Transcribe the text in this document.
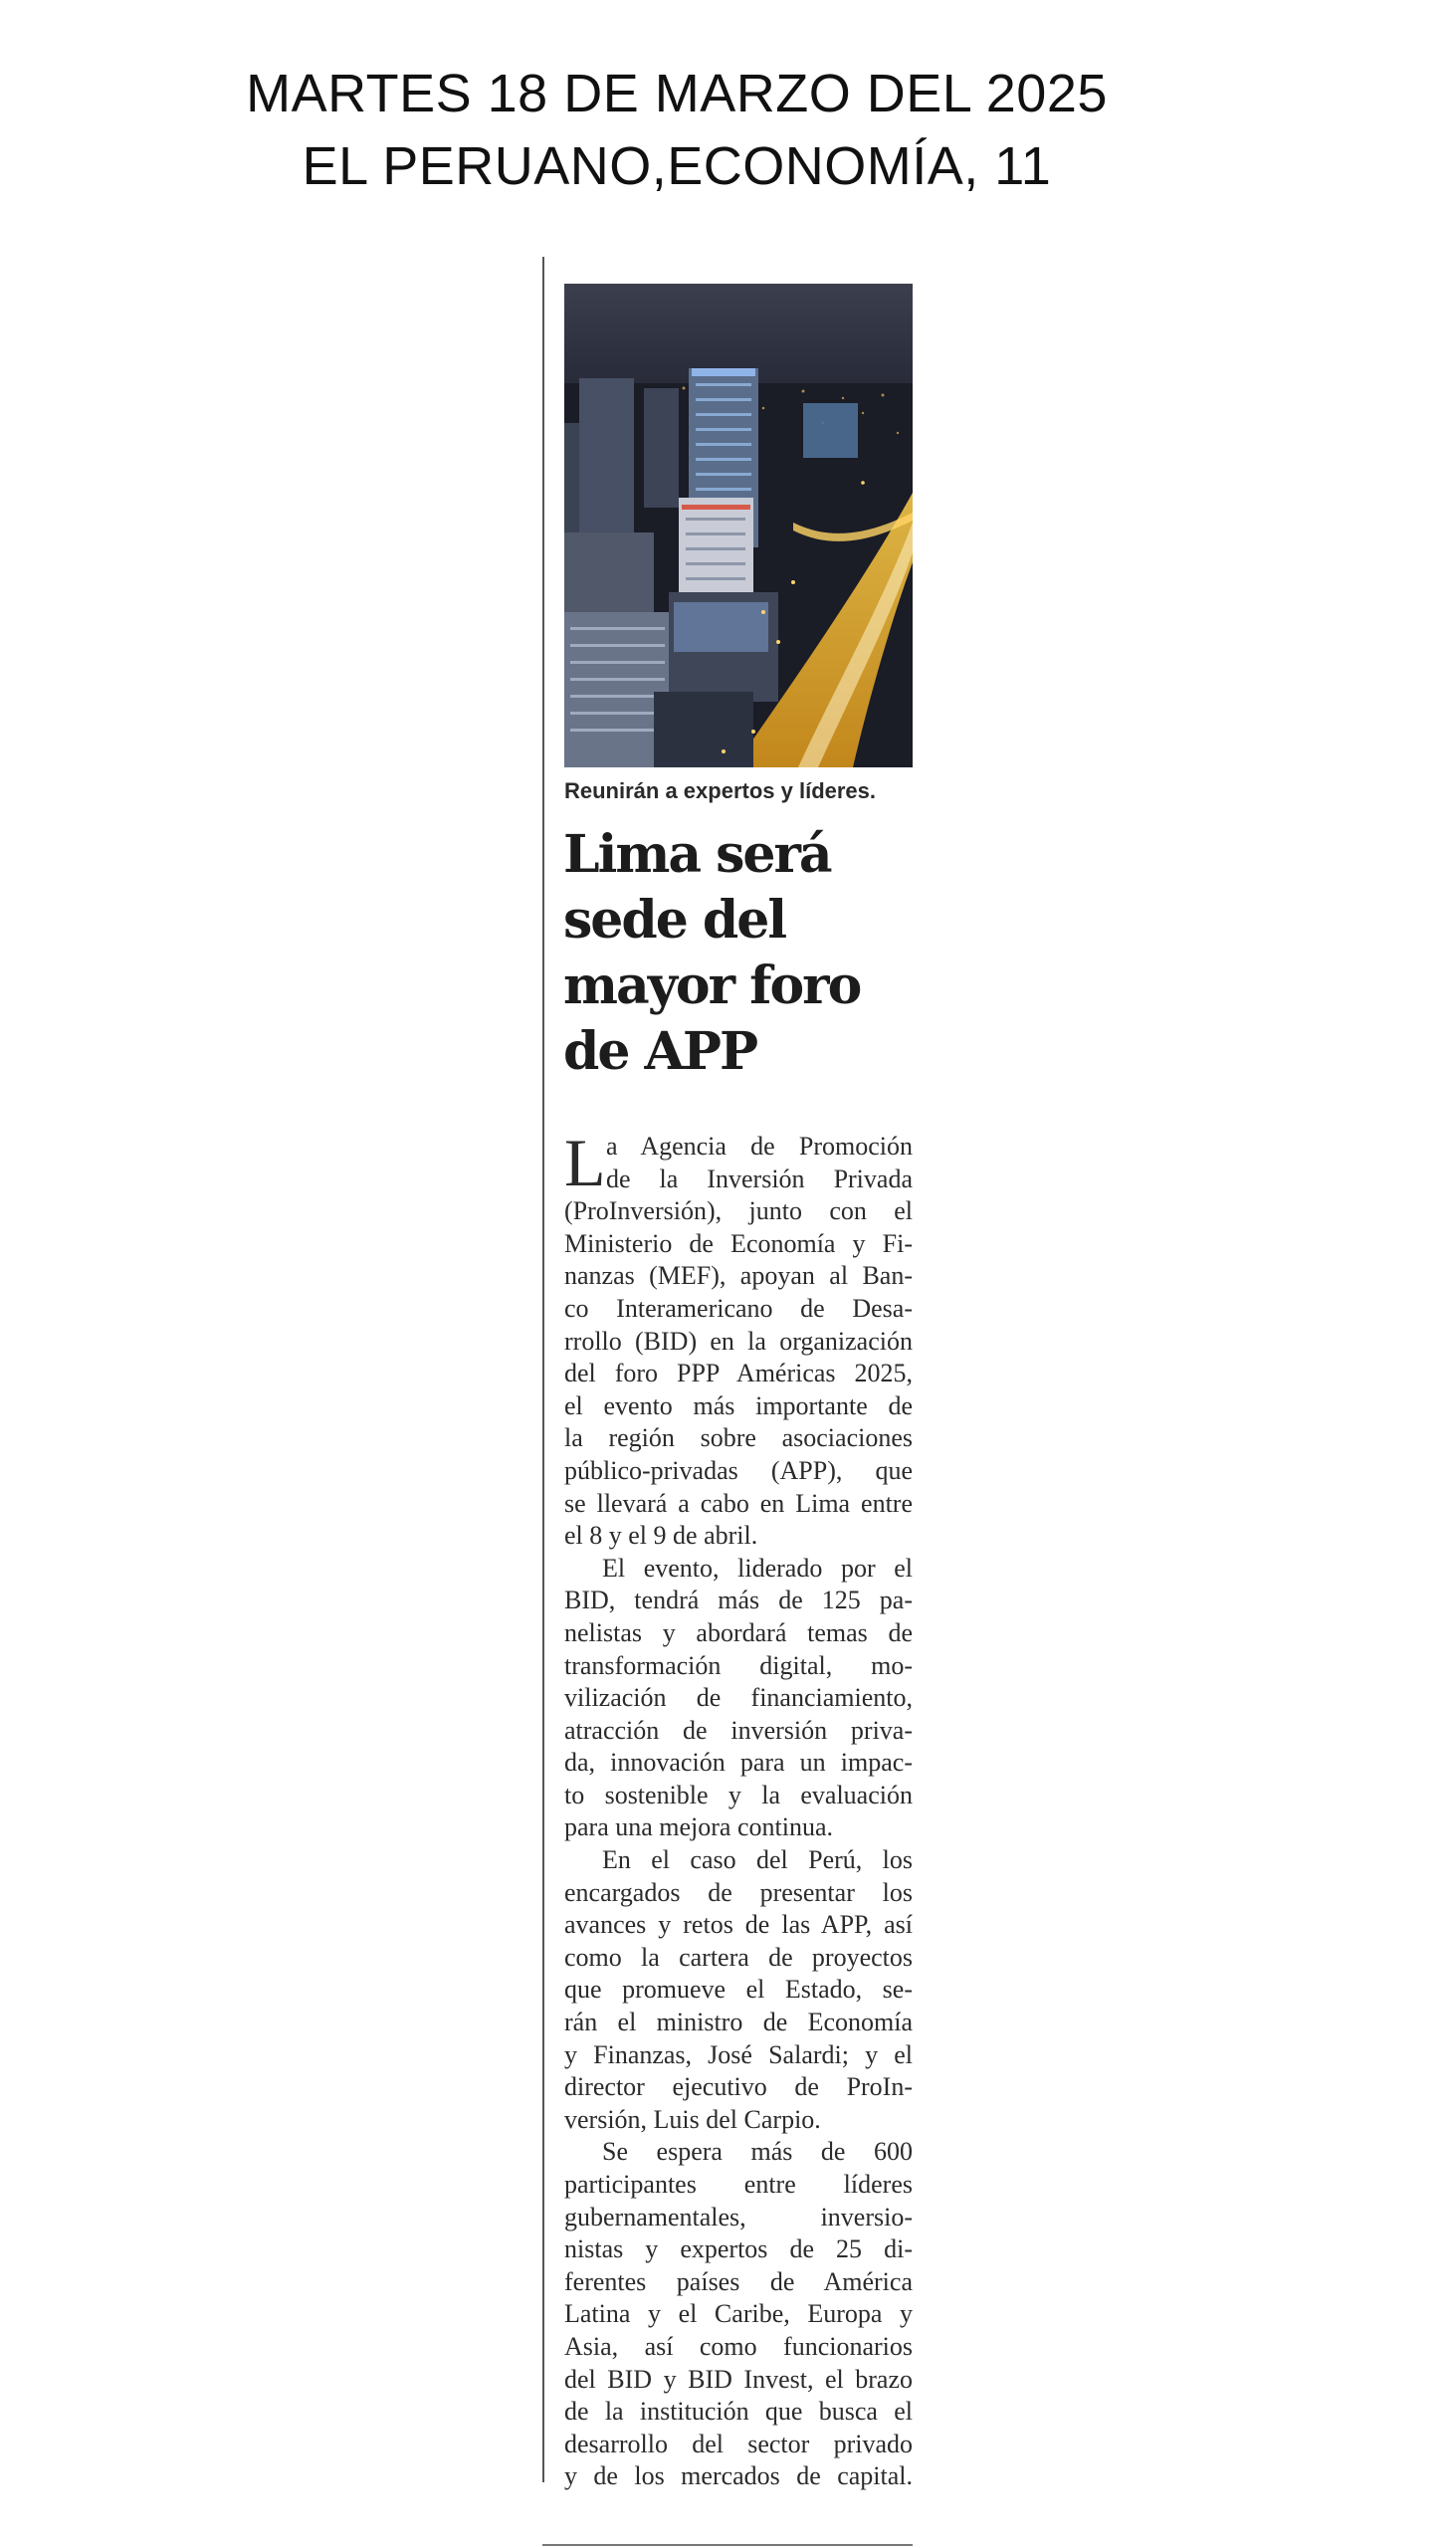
MARTES 18 DE MARZO DEL 2025
EL PERUANO,ECONOMÍA, 11
Reunirán a expertos y líderes.
Lima será
sede del
mayor foro
de APP
L a Agencia de Promoción
de la Inversión Privada
(ProInversión), junto con el
Ministerio de Economía y Fi-
nanzas (MEF), apoyan al Ban-
co Interamericano de Desa-
rrollo (BID) en la organización
del foro PPP Américas 2025,
el evento más importante de
la región sobre asociaciones
público-privadas (APP), que
se llevará a cabo en Lima entre
el 8 y el 9 de abril.
El evento, liderado por el
BID, tendrá más de 125 pa-
nelistas y abordará temas de
transformación digital, mo-
vilización de financiamiento,
atracción de inversión priva-
da, innovación para un impac-
to sostenible y la evaluación
para una mejora continua.
En el caso del Perú, los
encargados de presentar los
avances y retos de las APP, así
como la cartera de proyectos
que promueve el Estado, se-
rán el ministro de Economía
y Finanzas, José Salardi; y el
director ejecutivo de ProIn-
versión, Luis del Carpio.
Se espera más de 600
participantes entre líderes
gubernamentales, inversio-
nistas y expertos de 25 di-
ferentes países de América
Latina y el Caribe, Europa y
Asia, así como funcionarios
del BID y BID Invest, el brazo
de la institución que busca el
desarrollo del sector privado
y de los mercados de capital.
